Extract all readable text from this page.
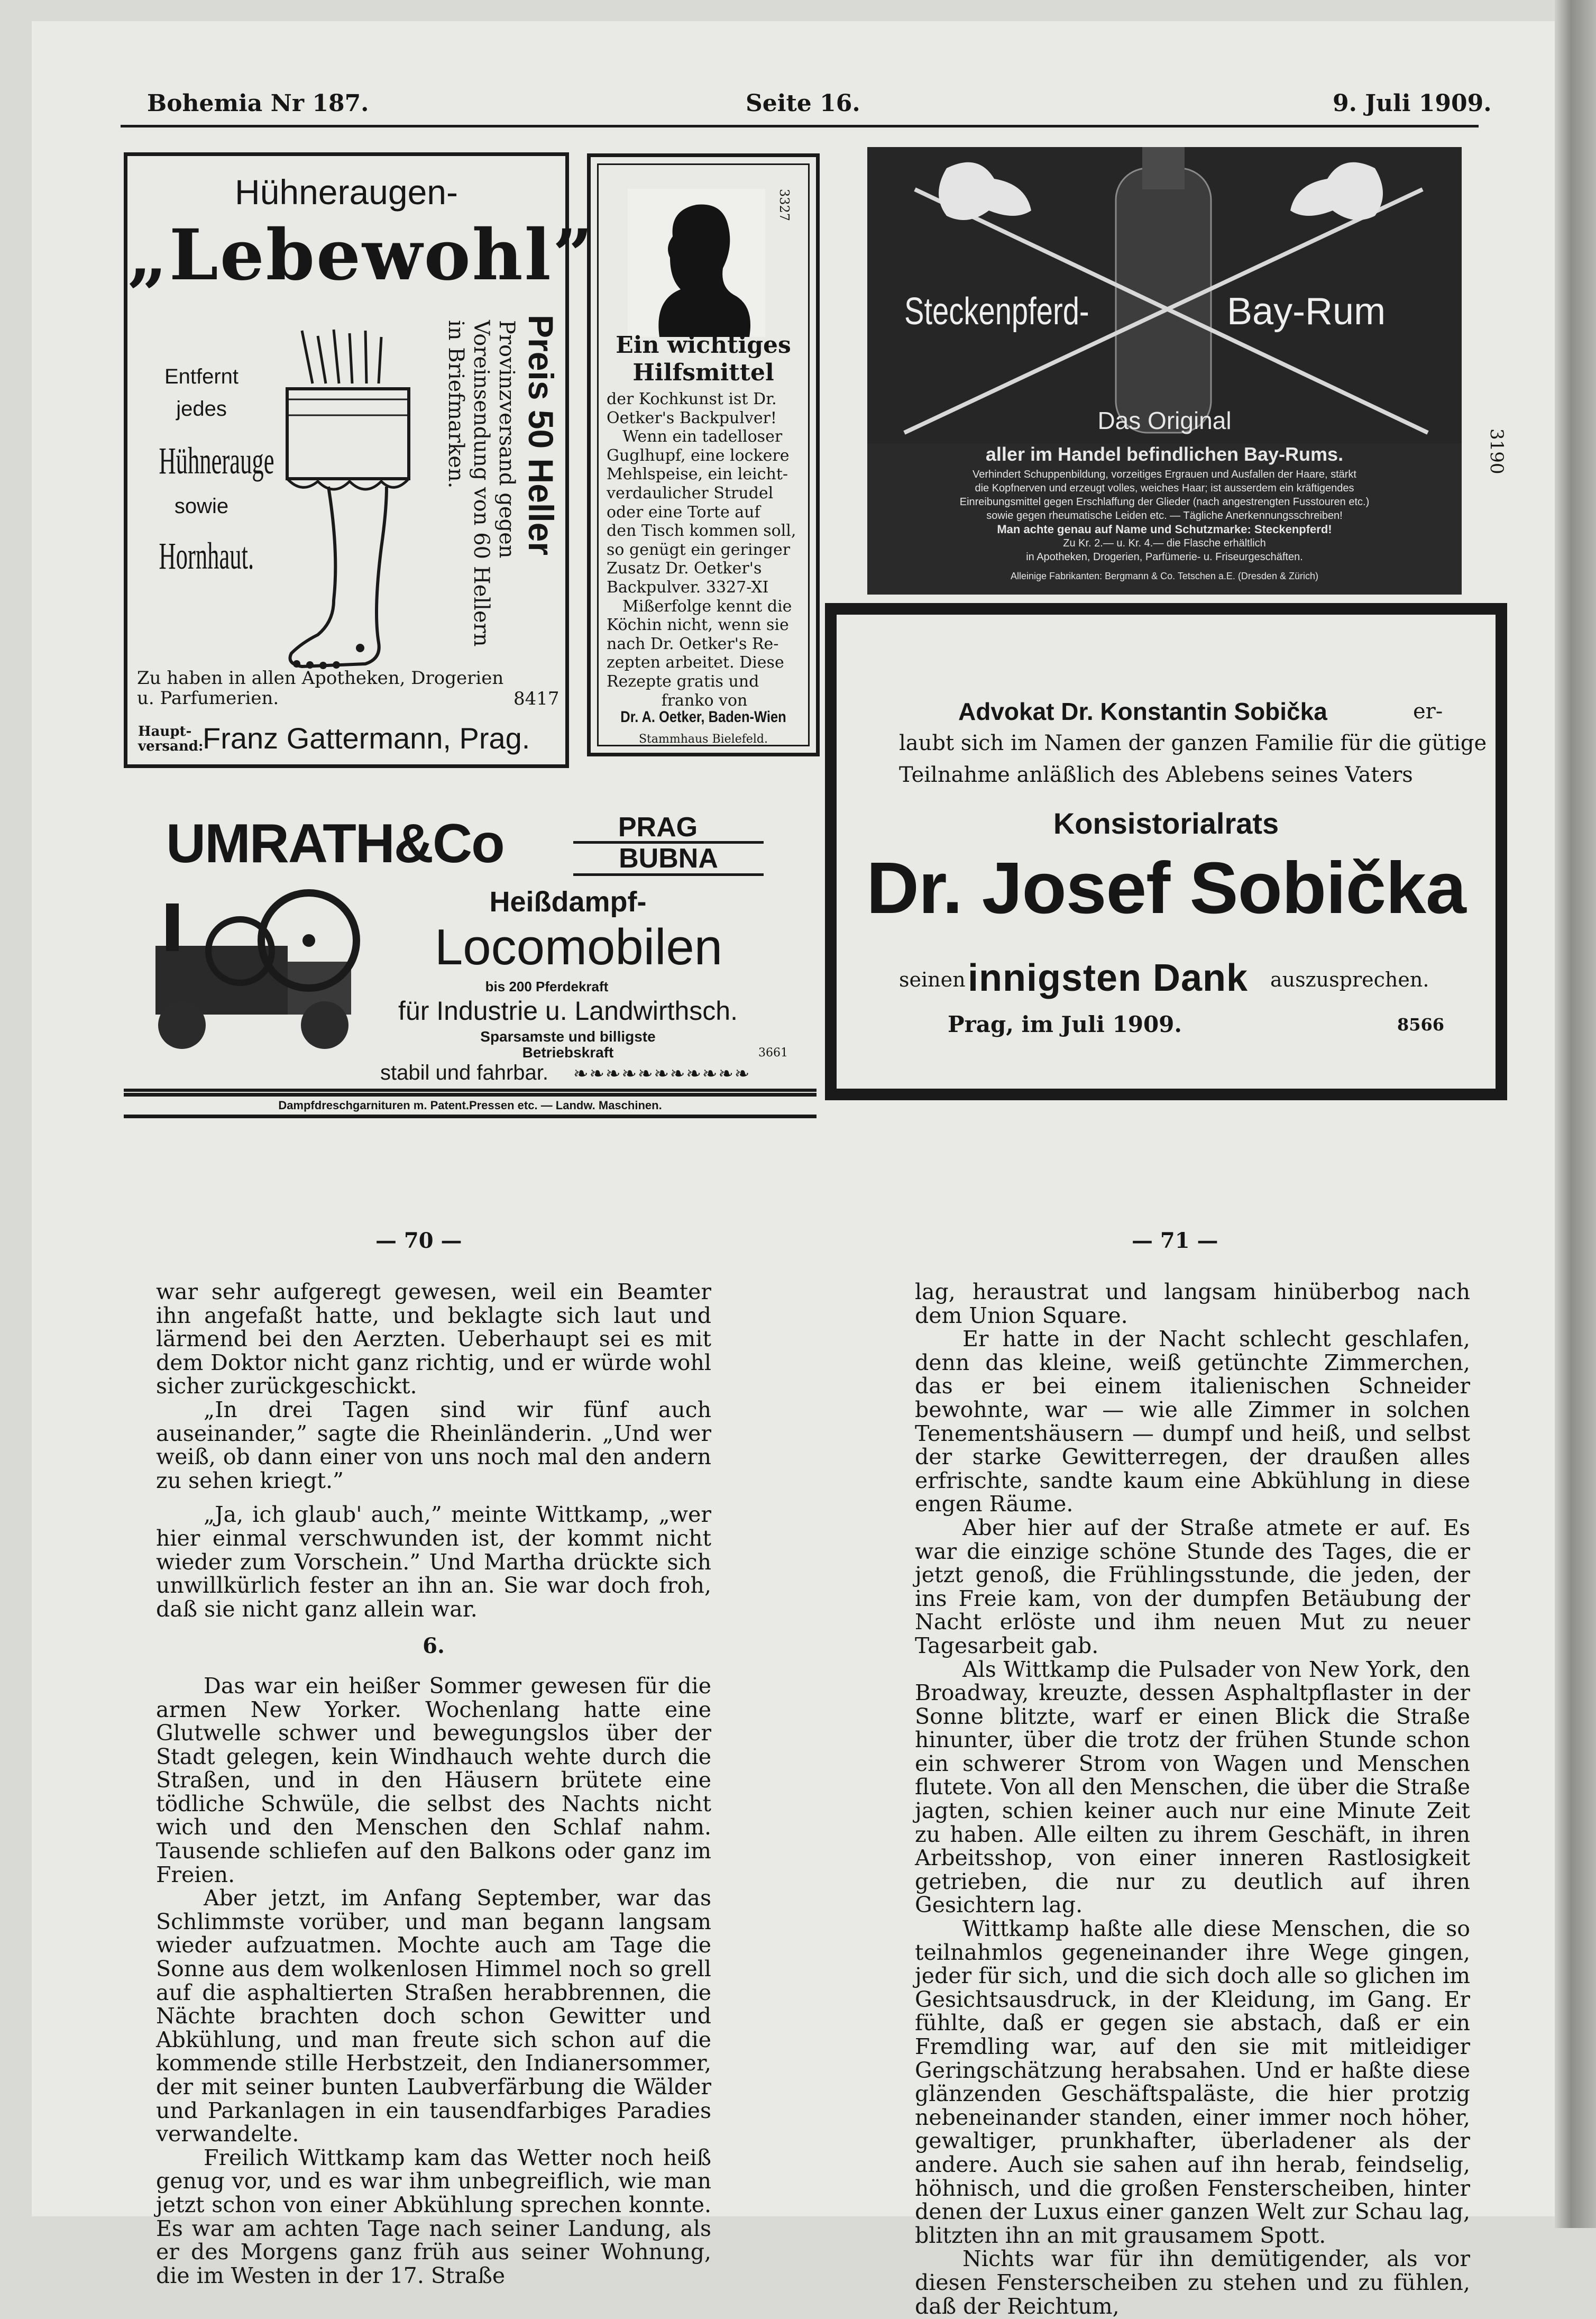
Bohemia Nr 187.	Seite 16.	9. Juli 1909.
Hühneraugen-
„Lebewohl”
Entfernt
jedes
Hühnerauge
sowie
Hornhaut.
Preis 50 Heller
Provinzversand gegen
Voreinsendung von 60 Hellern
in Briefmarken.
Zu haben in allen Apotheken, Drogerien u. Parfumerien.	8417
Haupt-
versand:
Franz Gattermann, Prag.
3327
Ein wichtiges
Hilfsmittel
der Kochkunst ist Dr.
Oetker's Backpulver!
Wenn ein tadelloser
Guglhupf, eine lockere
Mehlspeise, ein leicht-
verdaulicher Strudel
oder eine Torte auf
den Tisch kommen soll,
so genügt ein geringer
Zusatz Dr. Oetker's
Backpulver. 3327-XI
Mißerfolge kennt die
Köchin nicht, wenn sie
nach Dr. Oetker's Re-
zepten arbeitet. Diese
Rezepte gratis und
franko von
Dr. A. Oetker, Baden-Wien
Stammhaus Bielefeld.
Steckenpferd-	Bay-Rum
Das Original
aller im Handel befindlichen Bay-Rums.
Verhindert Schuppenbildung, vorzeitiges Ergrauen und Ausfallen der Haare, stärkt
die Kopfnerven und erzeugt volles, weiches Haar; ist ausserdem ein kräftigendes
Einreibungsmittel gegen Erschlaffung der Glieder (nach angestrengten Fusstouren etc.)
sowie gegen rheumatische Leiden etc. — Tägliche Anerkennungsschreiben!
Man achte genau auf Name und Schutzmarke: Steckenpferd!
Zu Kr. 2.— u. Kr. 4.— die Flasche erhältlich
in Apotheken, Drogerien, Parfümerie- u. Friseurgeschäften.
Alleinige Fabrikanten: Bergmann & Co. Tetschen a.E. (Dresden & Zürich)
3190
UMRATH&Co	PRAG
BUBNA
Heißdampf-
Locomobilen
bis 200 Pferdekraft
für Industrie u. Landwirthsch.
Sparsamste und billigste
Betriebskraft	3661
stabil und fahrbar. ❧❧❧❧❧❧❧❧❧❧❧
Dampfdreschgarnituren m. Patent.Pressen etc. — Landw. Maschinen.
Advokat Dr. Konstantin Sobička	er-
laubt sich im Namen der ganzen Familie für die gütige
Teilnahme anläßlich des Ablebens seines Vaters
Konsistorialrats
Dr. Josef Sobička
seinen innigsten Dank auszusprechen.
Prag, im Juli 1909.	8566
— 70 —	— 71 —

war sehr aufgeregt gewesen, weil ein Beamter ihn angefaßt hatte, und beklagte sich laut und lärmend bei den Aerzten. Ueberhaupt sei es mit dem Doktor nicht ganz richtig, und er würde wohl sicher zurückgeschickt.

„In drei Tagen sind wir fünf auch auseinander,” sagte die Rheinländerin. „Und wer weiß, ob dann einer von uns noch mal den andern zu sehen kriegt.”

„Ja, ich glaub' auch,” meinte Wittkamp, „wer hier einmal verschwunden ist, der kommt nicht wieder zum Vorschein.” Und Martha drückte sich unwillkürlich fester an ihn an. Sie war doch froh, daß sie nicht ganz allein war.

6.

Das war ein heißer Sommer gewesen für die armen New Yorker. Wochenlang hatte eine Glutwelle schwer und bewegungslos über der Stadt gelegen, kein Windhauch wehte durch die Straßen, und in den Häusern brütete eine tödliche Schwüle, die selbst des Nachts nicht wich und den Menschen den Schlaf nahm. Tausende schliefen auf den Balkons oder ganz im Freien.

Aber jetzt, im Anfang September, war das Schlimmste vorüber, und man begann langsam wieder aufzuatmen. Mochte auch am Tage die Sonne aus dem wolkenlosen Himmel noch so grell auf die asphaltierten Straßen herabbrennen, die Nächte brachten doch schon Gewitter und Abkühlung, und man freute sich schon auf die kommende stille Herbstzeit, den Indianersommer, der mit seiner bunten Laubverfärbung die Wälder und Parkanlagen in ein tausendfarbiges Paradies verwandelte.

Freilich Wittkamp kam das Wetter noch heiß genug vor, und es war ihm unbegreiflich, wie man jetzt schon von einer Abkühlung sprechen konnte. Es war am achten Tage nach seiner Landung, als er des Morgens ganz früh aus seiner Wohnung, die im Westen in der 17. Straße

lag, heraustrat und langsam hinüberbog nach dem Union Square.

Er hatte in der Nacht schlecht geschlafen, denn das kleine, weiß getünchte Zimmerchen, das er bei einem italienischen Schneider bewohnte, war — wie alle Zimmer in solchen Tenementshäusern — dumpf und heiß, und selbst der starke Gewitterregen, der draußen alles erfrischte, sandte kaum eine Abkühlung in diese engen Räume.

Aber hier auf der Straße atmete er auf. Es war die einzige schöne Stunde des Tages, die er jetzt genoß, die Frühlingsstunde, die jeden, der ins Freie kam, von der dumpfen Betäubung der Nacht erlöste und ihm neuen Mut zu neuer Tagesarbeit gab.

Als Wittkamp die Pulsader von New York, den Broadway, kreuzte, dessen Asphaltpflaster in der Sonne blitzte, warf er einen Blick die Straße hinunter, über die trotz der frühen Stunde schon ein schwerer Strom von Wagen und Menschen flutete. Von all den Menschen, die über die Straße jagten, schien keiner auch nur eine Minute Zeit zu haben. Alle eilten zu ihrem Geschäft, in ihren Arbeitsshop, von einer inneren Rastlosigkeit getrieben, die nur zu deutlich auf ihren Gesichtern lag.

Wittkamp haßte alle diese Menschen, die so teilnahmlos gegeneinander ihre Wege gingen, jeder für sich, und die sich doch alle so glichen im Gesichtsausdruck, in der Kleidung, im Gang. Er fühlte, daß er gegen sie abstach, daß er ein Fremdling war, auf den sie mit mitleidiger Geringschätzung herabsahen. Und er haßte diese glänzenden Geschäftspaläste, die hier protzig nebeneinander standen, einer immer noch höher, gewaltiger, prunkhafter, überladener als der andere. Auch sie sahen auf ihn herab, feindselig, höhnisch, und die großen Fensterscheiben, hinter denen der Luxus einer ganzen Welt zur Schau lag, blitzten ihn an mit grausamem Spott.

Nichts war für ihn demütigender, als vor diesen Fensterscheiben zu stehen und zu fühlen, daß der Reichtum,
